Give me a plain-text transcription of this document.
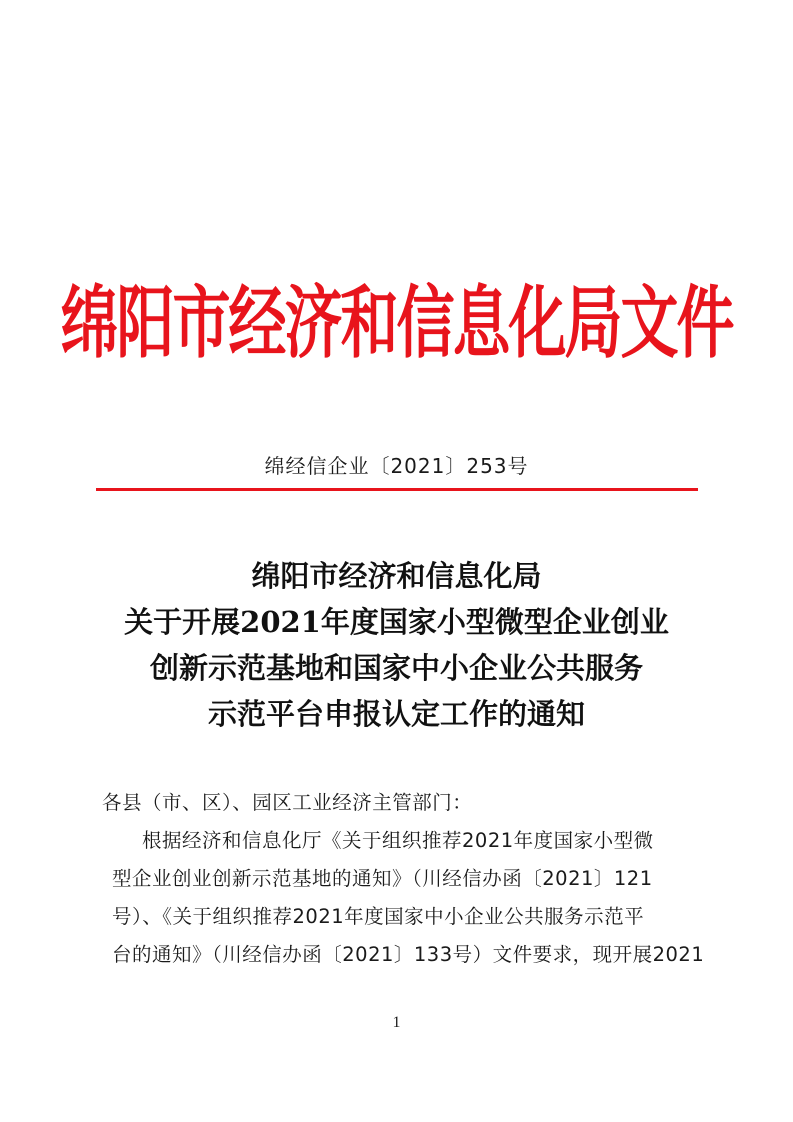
绵阳市经济和信息化局文件
绵经信企业〔2021〕253号
绵阳市经济和信息化局
关于开展2021年度国家小型微型企业创业
创新示范基地和国家中小企业公共服务
示范平台申报认定工作的通知

各县（市、区）、园区工业经济主管部门：

根据经济和信息化厅《关于组织推荐2021年度国家小型微

型企业创业创新示范基地的通知》（川经信办函〔2021〕121

号）、《关于组织推荐2021年度国家中小企业公共服务示范平

台的通知》（川经信办函〔2021〕133号）文件要求，现开展2021

1
